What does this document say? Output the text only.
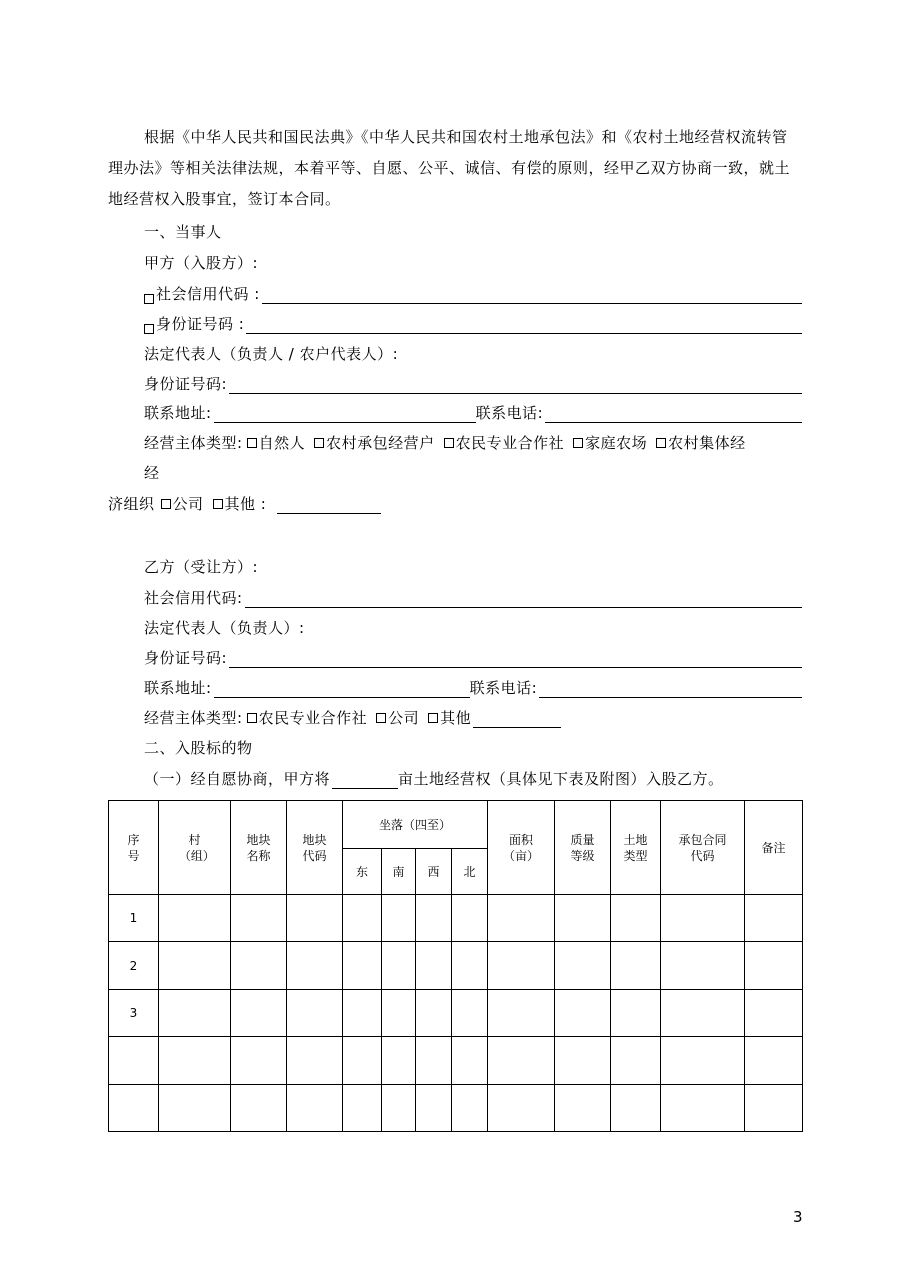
根据《中华人民共和国民法典》《中华人民共和国农村土地承包法》和《农村土地经营权流转管理办法》等相关法律法规，本着平等、自愿、公平、诚信、有偿的原则，经甲乙双方协商一致，就土地经营权入股事宜，签订本合同。

一、当事人
甲方（入股方）:
社会信用代码 :
身份证号码 :
法定代表人（负责人 / 农户代表人）:
身份证号码:
联系地址:	联系电话:
经营主体类型: 自然人 农村承包经营户 农民专业合作社 家庭农场 农村集体经
经
济组织 公司 其他 :
乙方（受让方）:
社会信用代码:
法定代表人（负责人）:
身份证号码:
联系地址:	联系电话:
经营主体类型: 农民专业合作社 公司 其他
二、入股标的物
（一）经自愿协商，甲方将	亩土地经营权（具体见下表及附图）入股乙方。
序号	村（组）	地块名称	地块代码	坐落（四至）				面积（亩）	质量等级	土地类型	承包合同代码	备注
				东	南	西	北					
1												
2												
3												

3
